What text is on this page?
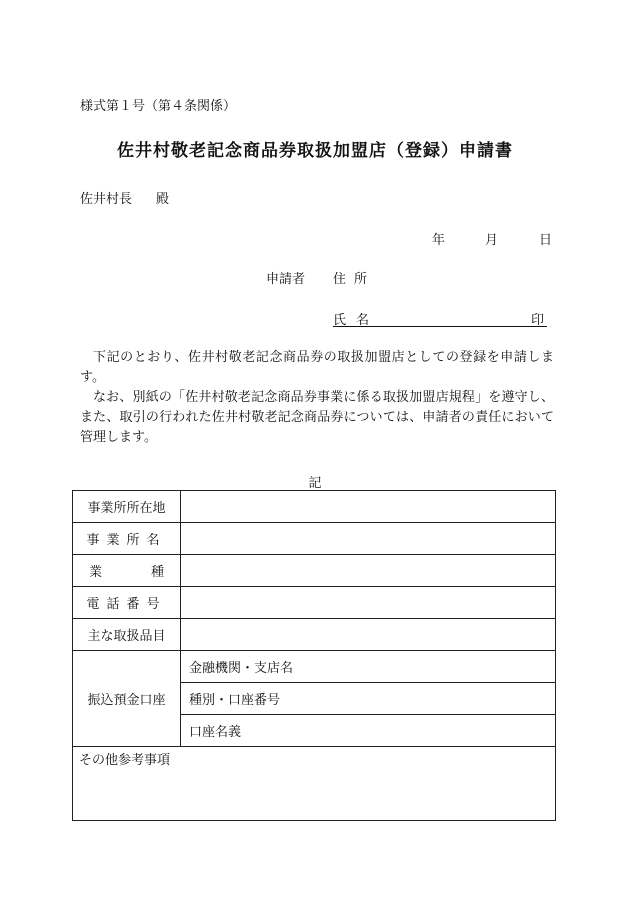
様式第１号（第４条関係）
佐井村敬老記念商品券取扱加盟店（登録）申請書
佐井村長 殿
年	月	日
申請者 住所
氏名	印

下記のとおり、佐井村敬老記念商品券の取扱加盟店としての登録を申請します。

なお、別紙の「佐井村敬老記念商品券事業に係る取扱加盟店規程」を遵守し、また、取引の行われた佐井村敬老記念商品券については、申請者の責任において管理します。

記
事業所所在地	
事業所名	
業種	
電話番号	
主な取扱品目	
振込預金口座	金融機関・支店名
	種別・口座番号
	口座名義
その他参考事項	
